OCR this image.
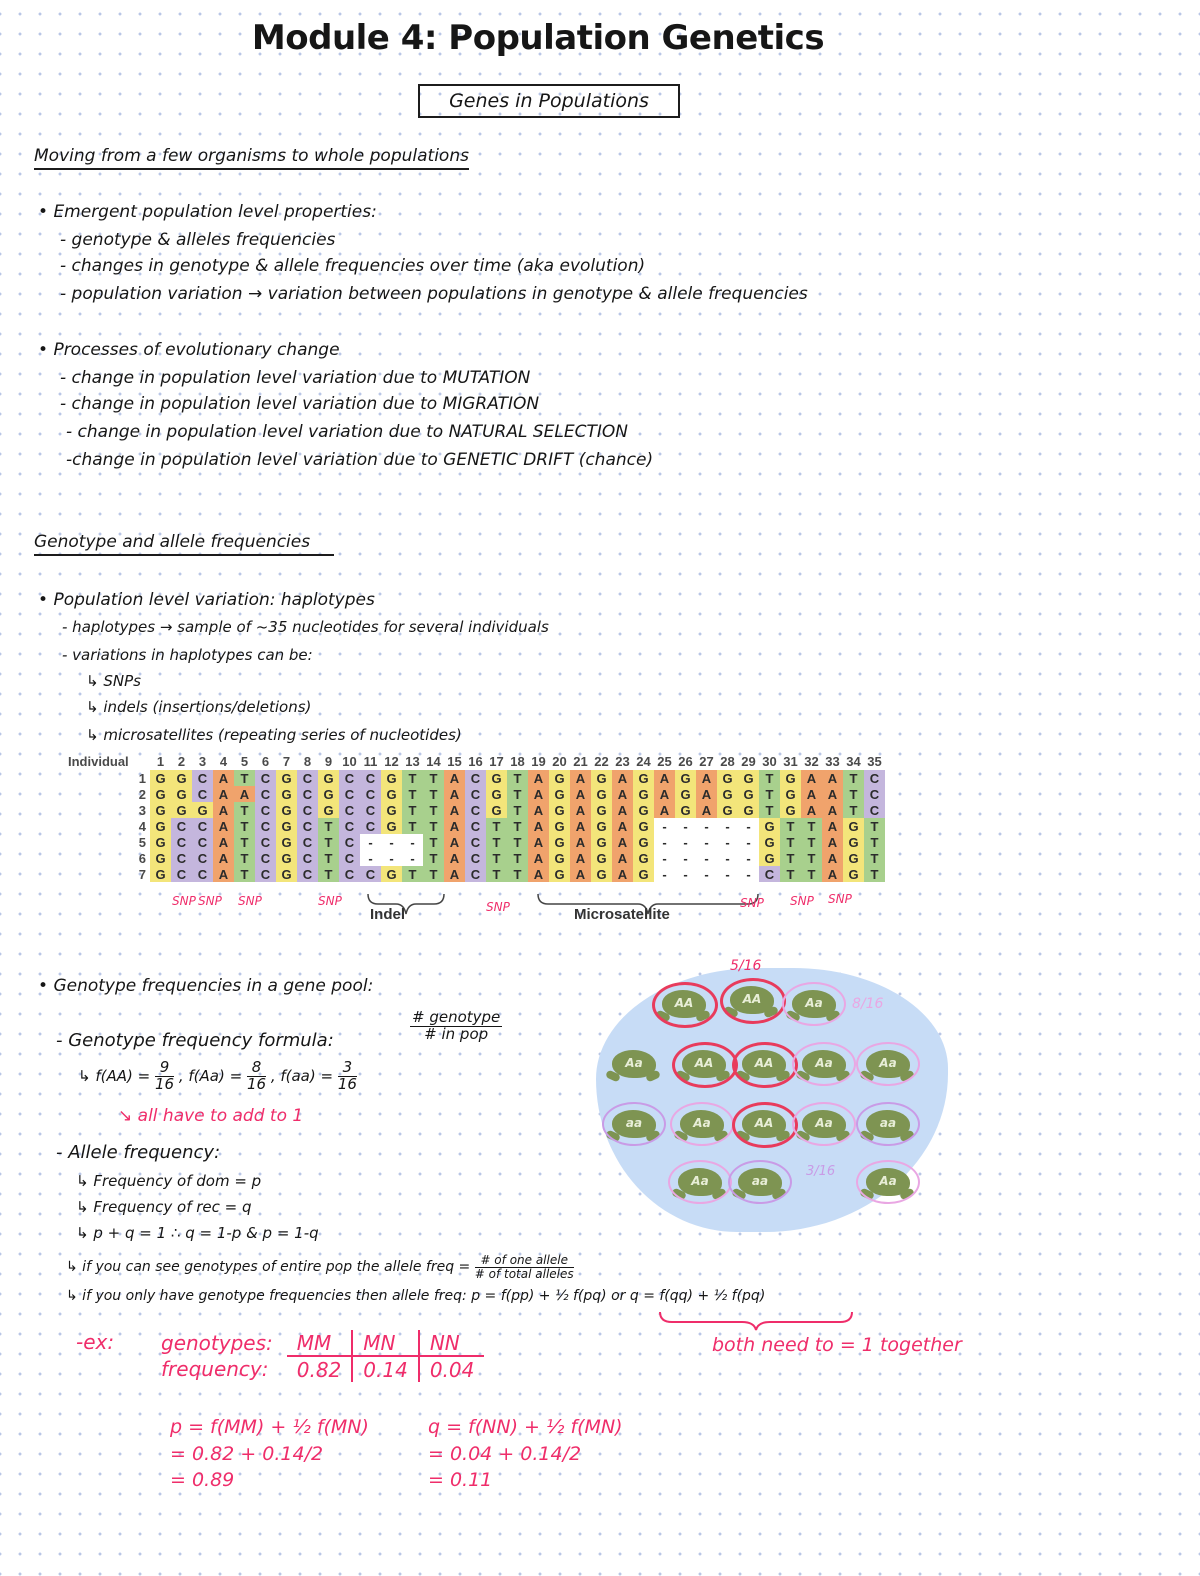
Module 4: Population Genetics
Genes in Populations
Moving from a few organisms to whole populations
• Emergent population level properties:
- genotype & alleles frequencies
- changes in genotype & allele frequencies over time (aka evolution)
- population variation → variation between populations in genotype & allele frequencies
• Processes of evolutionary change
- change in population level variation due to MUTATION
- change in population level variation due to MIGRATION
- change in population level variation due to NATURAL SELECTION
-change in population level variation due to GENETIC DRIFT (chance)
Genotype and allele frequencies
• Population level variation: haplotypes
- haplotypes → sample of ~35 nucleotides for several individuals
- variations in haplotypes can be:
↳ SNPs
↳ indels (insertions/deletions)
↳ microsatellites (repeating series of nucleotides)
Individual	1	2	3	4	5	6	7	8	9	10	11	12	13	14	15	16	17	18	19	20	21	22	23	24	25	26	27	28	29	30	31	32	33	34	35
1	G	G	C	A	T	C	G	C	G	C	C	G	T	T	A	C	G	T	A	G	A	G	A	G	A	G	A	G	G	T	G	A	A	T	C
2	G	G	C	A	A	C	G	C	G	C	C	G	T	T	A	C	G	T	A	G	A	G	A	G	A	G	A	G	G	T	G	A	A	T	C
3	G	G	G	A	T	C	G	C	G	C	C	G	T	T	A	C	G	T	A	G	A	G	A	G	A	G	A	G	G	T	G	A	A	T	C
4	G	C	C	A	T	C	G	C	T	C	C	G	T	T	A	C	T	T	A	G	A	G	A	G	-	-	-	-	-	G	T	T	A	G	T
5	G	C	C	A	T	C	G	C	T	C	-	-	-	T	A	C	T	T	A	G	A	G	A	G	-	-	-	-	-	G	T	T	A	G	T
6	G	C	C	A	T	C	G	C	T	C	-	-	-	T	A	C	T	T	A	G	A	G	A	G	-	-	-	-	-	G	T	T	A	G	T
7	G	C	C	A	T	C	G	C	T	C	C	G	T	T	A	C	T	T	A	G	A	G	A	G	-	-	-	-	-	C	T	T	A	G	T
Indel	Microsatellite
SNP SNP SNP	SNP	SNP	SNP SNP SNP
• Genotype frequencies in a gene pool:
- Genotype frequency formula:	$\frac{\text{\# genotype}}{\text{\# in pop}}$
↳ $f(AA) = \frac{9}{16}$ , $f(Aa) = \frac{8}{16}$ , $f(aa) = \frac{3}{16}$
↘ all have to add to 1
- Allele frequency:
↳ Frequency of dom = p
↳ Frequency of rec = q
↳ p + q = 1 ∴ q = 1-p & p = 1-q
↳ if you can see genotypes of entire pop the allele freq = $\frac{\text{\# of one allele}}{\text{\# of total alleles}}$
↳ if you only have genotype frequencies then allele freq: p = f(pp) + ½ f(pq) or q = f(qq) + ½ f(pq)
both need to = 1 together
-ex: genotypes:	MM	MN	NN
frequency:	0.82	0.14	0.04
p = f(MM) + ½ f(MN)
= 0.82 + 0.14/2
= 0.89
q = f(NN) + ½ f(MN)
= 0.04 + 0.14/2
= 0.11
5/16
8/16
3/16
AA	AA	Aa
Aa	AA	AA	Aa	Aa
aa	Aa	AA	Aa	aa
Aa	aa	Aa
